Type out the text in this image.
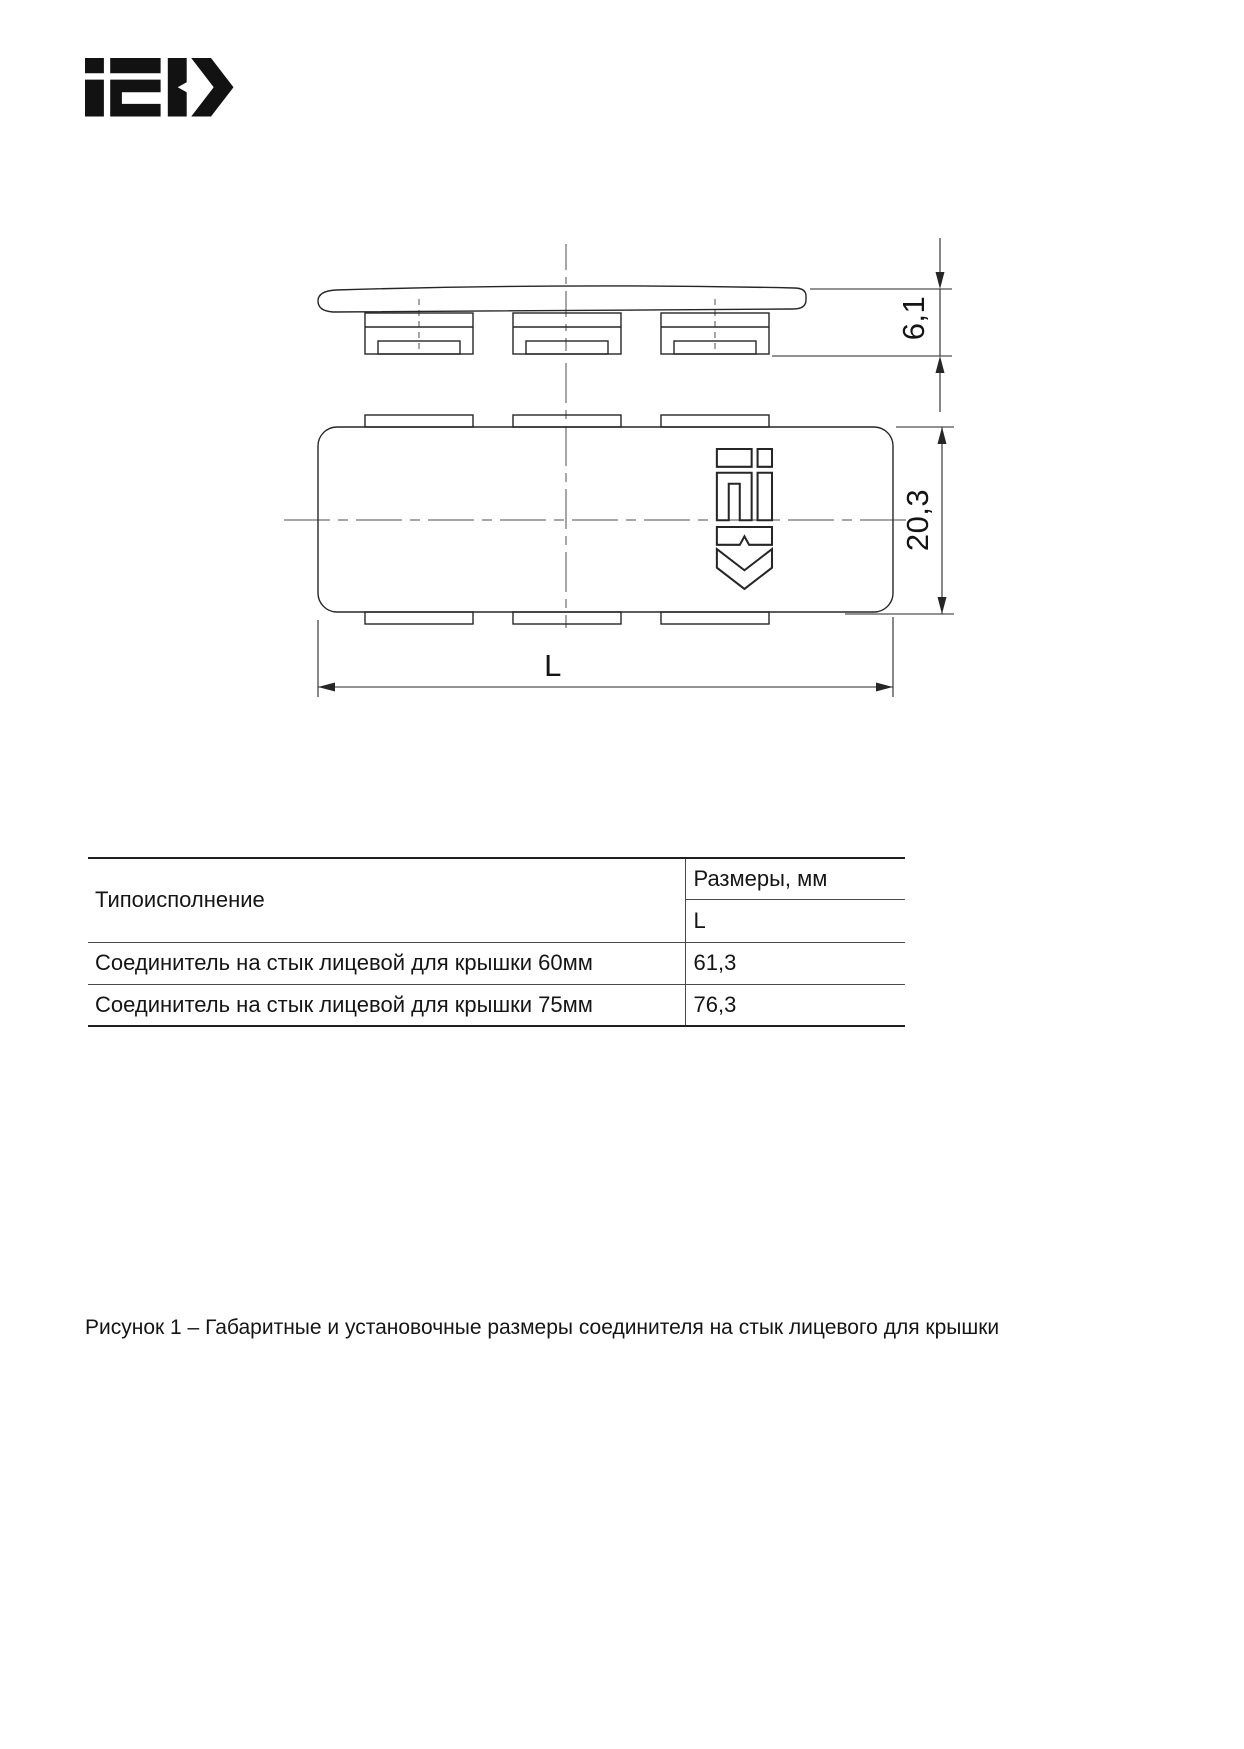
6,1
20,3
L
Типоисполнение	Размеры, мм
	L
Соединитель на стык лицевой для крышки 60мм	61,3
Соединитель на стык лицевой для крышки 75мм	76,3
Рисунок 1 – Габаритные и установочные размеры соединителя на стык лицевого для крышки
